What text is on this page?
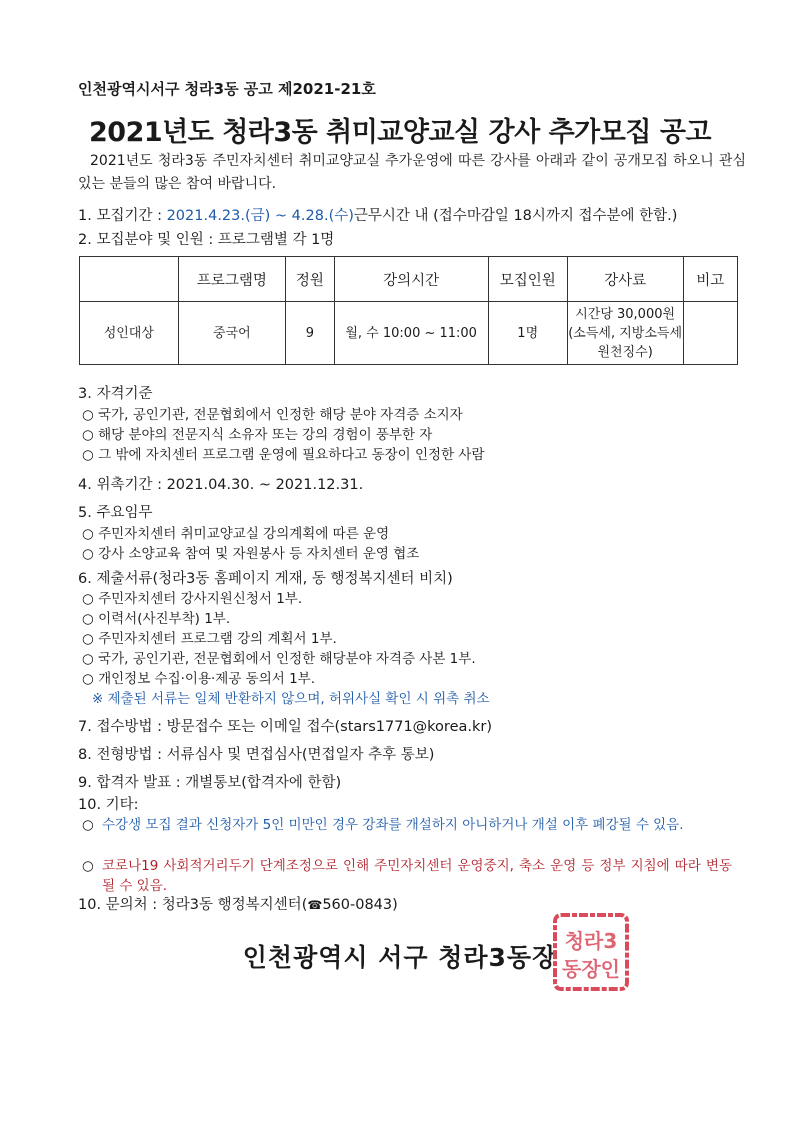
인천광역시서구 청라3동 공고 제2021-21호
2021년도 청라3동 취미교양교실 강사 추가모집 공고
2021년도 청라3동 주민자치센터 취미교양교실 추가운영에 따른 강사를 아래과 같이 공개모집 하오니 관심 있는 분들의 많은 참여 바랍니다.
1. 모집기간 : 2021.4.23.(금) ~ 4.28.(수)근무시간 내 (접수마감일 18시까지 접수분에 한함.)
2. 모집분야 및 인원 : 프로그램별 각 1명
	프로그램명	정원	강의시간	모집인원	강사료	비고
성인대상	중국어	9	월, 수 10:00 ~ 11:00	1명	시간당 30,000원
(소득세, 지방소득세
원천징수)	

3. 자격기준
○ 국가, 공인기관, 전문협회에서 인정한 해당 분야 자격증 소지자
○ 해당 분야의 전문지식 소유자 또는 강의 경험이 풍부한 자
○ 그 밖에 자치센터 프로그램 운영에 필요하다고 동장이 인정한 사람
4. 위촉기간 : 2021.04.30. ~ 2021.12.31.
5. 주요임무
○ 주민자치센터 취미교양교실 강의계획에 따른 운영
○ 강사 소양교육 참여 및 자원봉사 등 자치센터 운영 협조
6. 제출서류(청라3동 홈페이지 게재, 동 행정복지센터 비치)
○ 주민자치센터 강사지원신청서 1부.
○ 이력서(사진부착) 1부.
○ 주민자치센터 프로그램 강의 계획서 1부.
○ 국가, 공인기관, 전문협회에서 인정한 해당분야 자격증 사본 1부.
○ 개인정보 수집·이용·제공 동의서 1부.
※ 제출된 서류는 일체 반환하지 않으며, 허위사실 확인 시 위촉 취소
7. 접수방법 : 방문접수 또는 이메일 접수(stars1771@korea.kr)
8. 전형방법 : 서류심사 및 면접심사(면접일자 추후 통보)
9. 합격자 발표 : 개별통보(합격자에 한함)
10. 기타:
○ 수강생 모집 결과 신청자가 5인 미만인 경우 강좌를 개설하지 아니하거나 개설 이후 폐강될 수 있음.
○ 코로나19 사회적거리두기 단계조정으로 인해 주민자치센터 운영중지, 축소 운영 등 정부 지침에 따라 변동될 수 있음.
10. 문의처 : 청라3동 행정복지센터(☎560-0843)
인천광역시 서구 청라3동장
청라3
동장인
